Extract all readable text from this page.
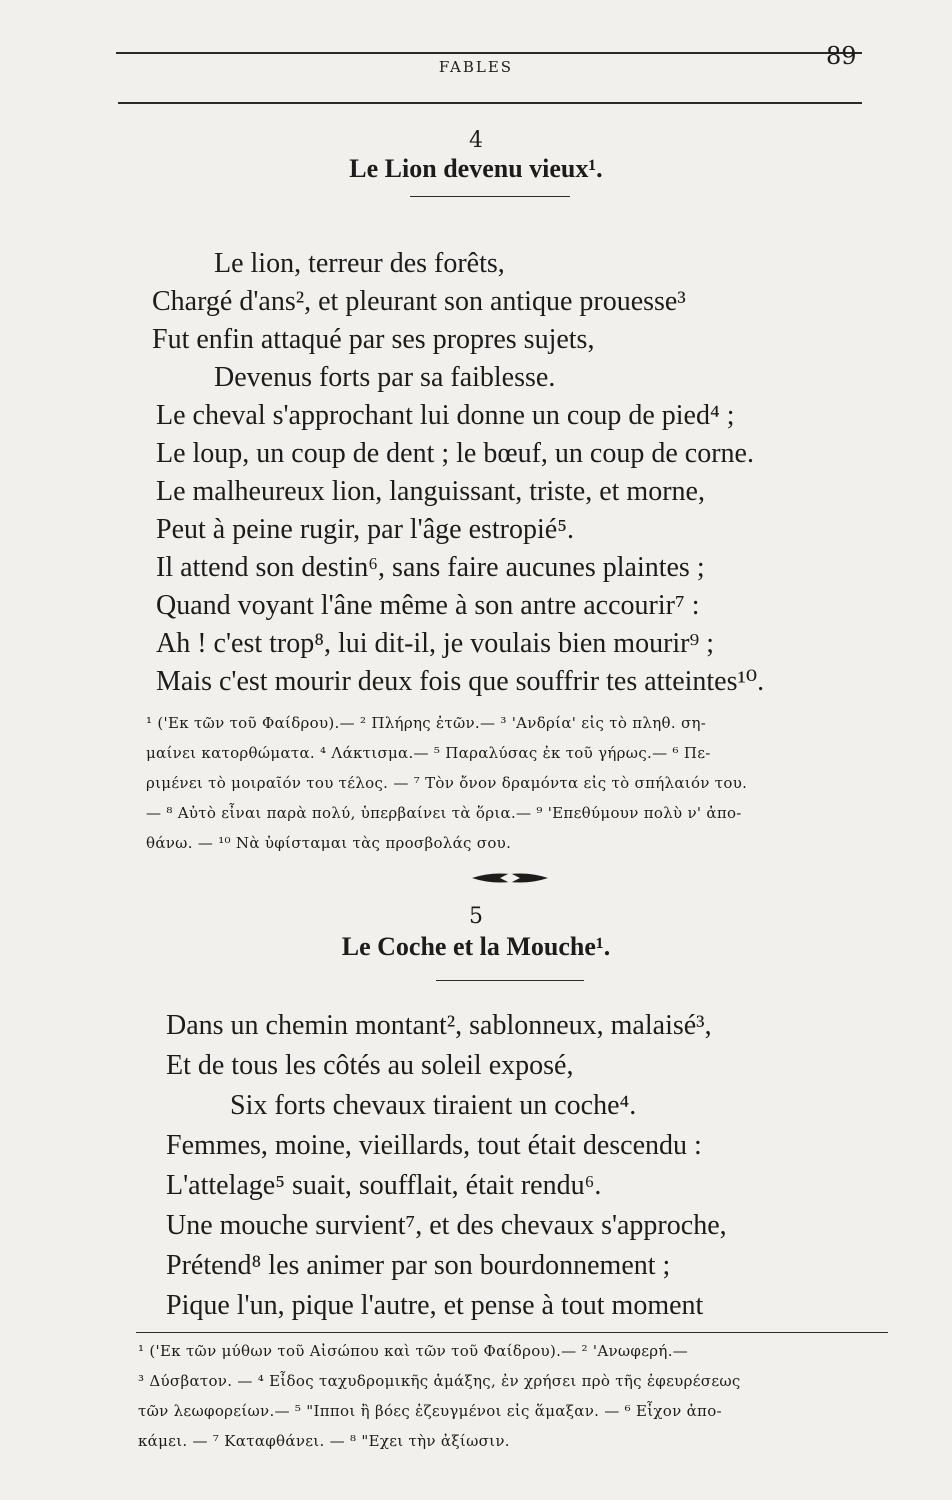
FABLES	89
4
Le Lion devenu vieux¹.
Le lion, terreur des forêts,
Chargé d'ans², et pleurant son antique prouesse³
Fut enfin attaqué par ses propres sujets,
Devenus forts par sa faiblesse.
Le cheval s'approchant lui donne un coup de pied⁴ ;
Le loup, un coup de dent ; le bœuf, un coup de corne.
Le malheureux lion, languissant, triste, et morne,
Peut à peine rugir, par l'âge estropié⁵.
Il attend son destin⁶, sans faire aucunes plaintes ;
Quand voyant l'âne même à son antre accourir⁷ :
Ah ! c'est trop⁸, lui dit-il, je voulais bien mourir⁹ ;
Mais c'est mourir deux fois que souffrir tes atteintes¹⁰.
¹ ('Εκ τῶν τοῦ Φαίδρου).— ² Πλήρης ἐτῶν.— ³ 'Ανδρία' εἰς τὸ πληθ. ση-
μαίνει κατορθώματα. ⁴ Λάκτισμα.— ⁵ Παραλύσας ἐκ τοῦ γήρως.— ⁶ Πε-
ριμένει τὸ μοιραῖόν του τέλος. — ⁷ Τὸν ὄνον δραμόντα εἰς τὸ σπήλαιόν του.
— ⁸ Αὐτὸ εἶναι παρὰ πολύ, ὑπερβαίνει τὰ ὅρια.— ⁹ 'Επεθύμουν πολὺ ν' ἀπο-
θάνω. — ¹⁰ Νὰ ὑφίσταμαι τὰς προσβολάς σου.
5
Le Coche et la Mouche¹.
Dans un chemin montant², sablonneux, malaisé³,
Et de tous les côtés au soleil exposé,
Six forts chevaux tiraient un coche⁴.
Femmes, moine, vieillards, tout était descendu :
L'attelage⁵ suait, soufflait, était rendu⁶.
Une mouche survient⁷, et des chevaux s'approche,
Prétend⁸ les animer par son bourdonnement ;
Pique l'un, pique l'autre, et pense à tout moment
¹ ('Εκ τῶν μύθων τοῦ Αἰσώπου καὶ τῶν τοῦ Φαίδρου).— ² 'Ανωφερή.—
³ Δύσβατον. — ⁴ Εἶδος ταχυδρομικῆς ἁμάξης, ἐν χρήσει πρὸ τῆς ἐφευρέσεως
τῶν λεωφορείων.— ⁵ "Ιπποι ἢ βόες ἐζευγμένοι εἰς ἅμαξαν. — ⁶ Εἶχον ἀπο-
κάμει. — ⁷ Καταφθάνει. — ⁸ "Εχει τὴν ἀξίωσιν.
